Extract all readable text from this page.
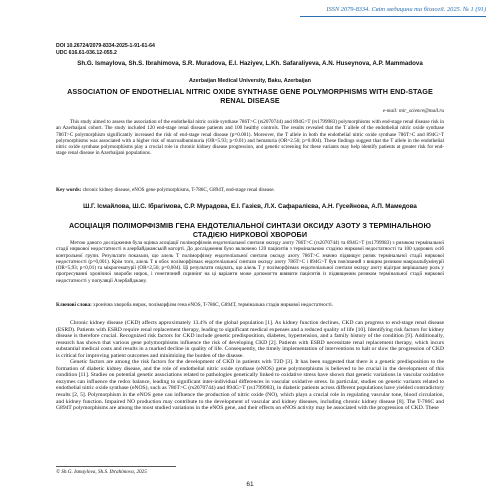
ISSN 2079-8334. Світ медицини та біології. 2025. № 1 (91)
DOI 10.26724/2079-8334-2025-1-91-61-64
UDC 616.61-036.12-055.2
Sh.G. Ismaylova, Sh.S. Ibrahimova, S.R. Muradova, E.I. Haziyev, L.Kh. Safaraliyeva, A.N. Huseynova, A.P. Mammadova
Azerbaijan Medical University, Baku, Azerbaijan
ASSOCIATION OF ENDOTHELIAL NITRIC OXIDE SYNTHASE GENE POLYMORPHISMS WITH END-STAGE RENAL DISEASE
e-mail: mir_science@mail.ru
This study aimed to assess the association of the endothelial nitric oxide synthase 786T>C (rs2070744) and 894G>T (rs1799983) polymorphisms with end-stage renal disease risk in an Azerbaijani cohort. The study included 120 end-stage renal disease patients and 100 healthy controls. The results revealed that the T allele of the endothelial nitric oxide synthase 786T>C polymorphism significantly increased the risk of end-stage renal disease (p=0.001). Moreover, the T allele in both the endothelial nitric oxide synthase 786T>C and 894G>T polymorphisms was associated with a higher risk of macroalbuminuria (OR=5.93; p<0.01) and hematuria (OR=2.56; p=0.004). These findings suggest that the T allele in the endothelial nitric oxide synthase polymorphisms play a crucial role in chronic kidney disease progression, and genetic screening for these variants may help identify patients at greater risk for end-stage renal disease in Azerbaijani populations.
Key words: chronic kidney disease, eNOS gene polymorphisms, T-786C, G894T, end-stage renal disease.
Ш.Г. Ісмайлова, Ш.С. Ібрагімова, С.Р. Мурадова, Е.І. Газієв, Л.Х. Сафаралієва, А.Н. Гусейнова, А.П. Мамедова
АСОЦІАЦІЯ ПОЛІМОРФІЗМІВ ГЕНА ЕНДОТЕЛІАЛЬНОЇ СИНТАЗИ ОКСИДУ АЗОТУ З ТЕРМІНАЛЬНОЮ СТАДІЄЮ НИРКОВОЇ ХВОРОБИ
Метою даного дослідження була оцінка асоціації поліморфізмів ендотеліальної синтази оксиду азоту 786T>C (rs2070744) та 894G>T (rs1799983) з ризиком термінальної стадії ниркової недостатності в азербайджанській когорті. До дослідження було включено 120 пацієнтів з термінальною стадією ниркової недостатності та 100 здорових осіб контрольної групи. Результати показали, що алель T поліморфізму ендотеліальної синтази оксиду азоту 786T>C значно підвищує ризик термінальної стадії ниркової недостатності (p=0,001). Крім того, алель T в обох поліморфізмах ендотеліальної синтази оксиду азоту 786T>C і 894G>T був пов'язаний з вищим ризиком макроальбумінурії (OR=5,93; p<0,01) та мікрогематурії (OR=2,56; p=0,004). Ці результати свідчать, що алель T у поліморфізмах ендотеліальної синтази оксиду азоту відіграє вирішальну роль у прогресуванні хронічної хвороби нирок, і генетичний скринінг на ці варіанти може допомогти виявити пацієнтів із підвищеним ризиком термінальної стадії ниркової недостатності у популяції Азербайджану.
Ключові слова: хронічна хвороба нирок, поліморфізм гена eNOS, T-786C, G894T, термінальна стадія ниркової недостатності.

Chronic kidney disease (CKD) affects approximately 13.4% of the global population [1]. As kidney function declines, CKD can progress to end-stage renal disease (ESRD). Patients with ESRD require renal replacement therapy, leading to significant medical expenses and a reduced quality of life [10]. Identifying risk factors for kidney disease is therefore crucial. Recognized risk factors for CKD include genetic predisposition, diabetes, hypertension, and a family history of the condition [9]. Additionally, research has shown that various gene polymorphisms influence the risk of developing CKD [2]. Patients with ESRD necessitate renal replacement therapy, which incurs substantial medical costs and results in a marked decline in quality of life. Consequently, the timely implementation of interventions to halt or slow the progression of CKD is critical for improving patient outcomes and minimizing the burden of the disease.

Genetic factors are among the risk factors for the development of CKD in patients with T2D [3]. It has been suggested that there is a genetic predisposition to the formation of diabetic kidney disease, and the role of endothelial nitric oxide synthase (eNOS) gene polymorphisms is believed to be crucial in the development of this condition [11]. Studies on potential genetic associations related to pathologies genetically linked to oxidative stress have shown that genetic variations in vascular oxidative enzymes can influence the redox balance, leading to significant inter-individual differences in vascular oxidative stress. In particular, studies on genetic variants related to endothelial nitric oxide synthase (eNOS), such as 786T>C (rs2070744) and 894G>T (rs1799983), in diabetic patients across different populations have yielded contradictory results [2, 5]. Polymorphism in the eNOS gene can influence the production of nitric oxide (NO), which plays a crucial role in regulating vascular tone, blood circulation, and kidney function. Impaired NO production may contribute to the development of vascular and kidney diseases, including chronic kidney disease [8]. The T-786C and G894T polymorphisms are among the most studied variations in the eNOS gene, and their effects on eNOS activity may be associated with the progression of CKD. These

© Sh.G. Ismaylova, Sh.S. Ibrahimova, 2025
61
